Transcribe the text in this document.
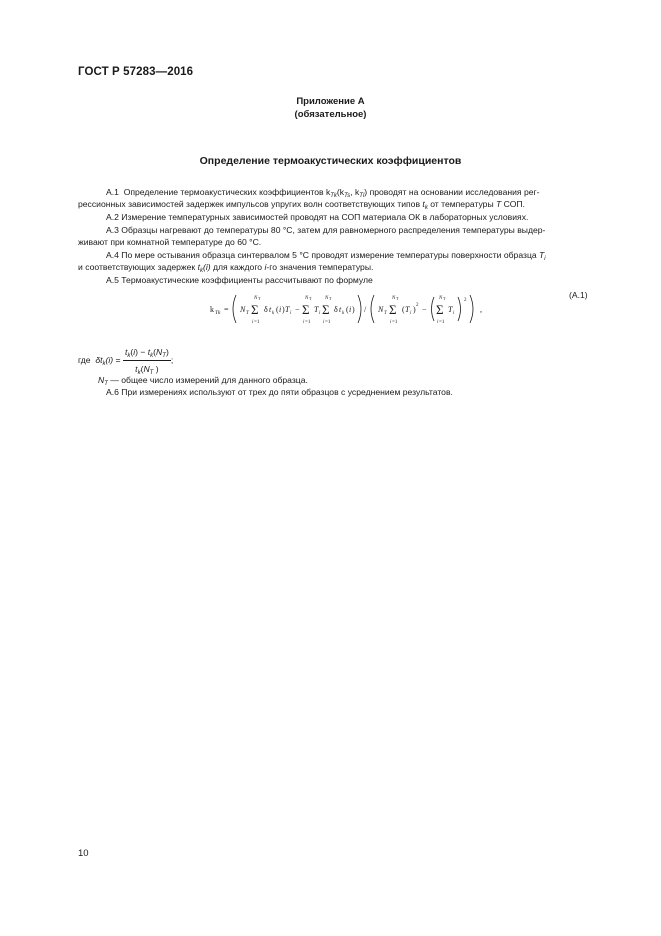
ГОСТ Р 57283—2016
Приложение А
(обязательное)
Определение термоакустических коэффициентов
А.1 Определение термоакустических коэффициентов $k_{Tk}(k_{Ts}$, $k_{Tl}$) проводят на основании исследования рег-
рессионных зависимостей задержек импульсов упругих волн соответствующих типов $t_k$ от температуры T СОП.
А.2 Измерение температурных зависимостей проводят на СОП материала ОК в лабораторных условиях.
А.3 Образцы нагревают до температуры 80 °С, затем для равномерного распределения температуры выдер-
живают при комнатной температуре до 60 °С.
А.4 По мере остывания образца синтервалом 5 °С проводят измерение температуры поверхности образца $T_i$
и соответствующих задержек $t_k(i)$ для каждого i-го значения температуры.
А.5 Термоакустические коэффициенты рассчитывают по формуле
k Tk = N T Σ
N T
i =1
δ t k ( i ) T i − Σ
N T
i =1
T i Σ
N T
i =1
δ t k ( i ) / N T Σ
N T
i =1
( T i ) 2 − Σ
N T
i =1
T i
2
,
(А.1)
где $\delta t_k(i) = \frac{t_k(i) - t_k(N_T)}{t_k(N_T )}$ ;
$N_T$ — общее число измерений для данного образца.
А.6 При измерениях используют от трех до пяти образцов с усреднением результатов.
10
